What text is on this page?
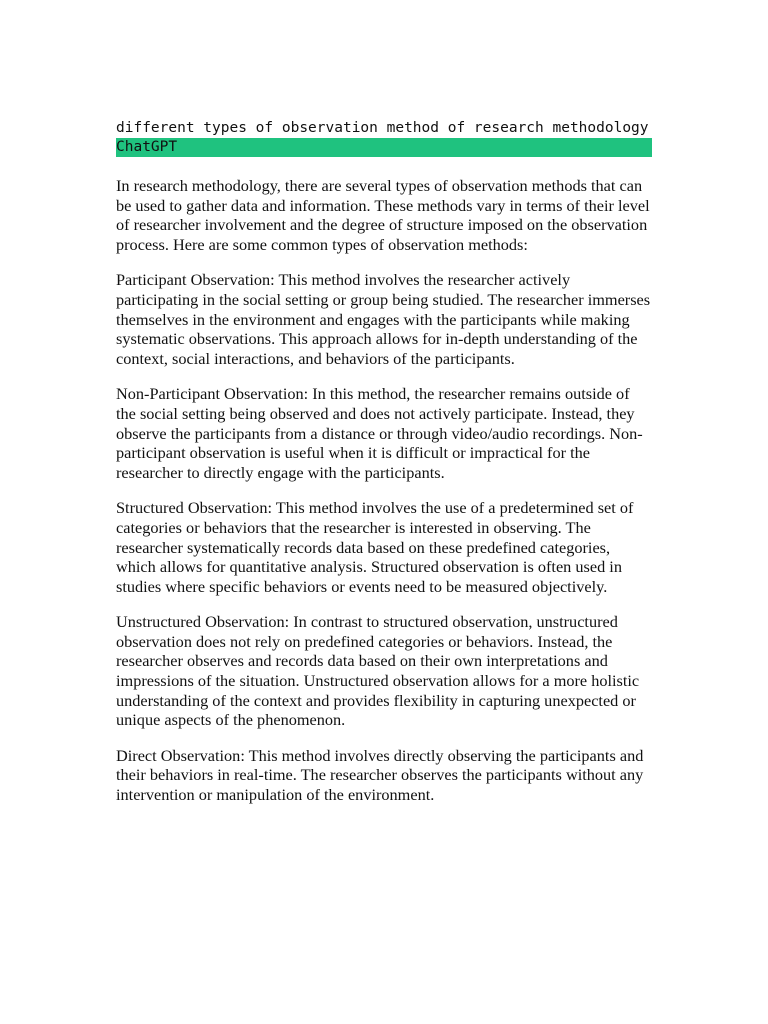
different types of observation method of research methodology

ChatGPT

In research methodology, there are several types of observation methods that can be used to gather data and information. These methods vary in terms of their level of researcher involvement and the degree of structure imposed on the observation process. Here are some common types of observation methods:

Participant Observation: This method involves the researcher actively participating in the social setting or group being studied. The researcher immerses themselves in the environment and engages with the participants while making systematic observations. This approach allows for in-depth understanding of the context, social interactions, and behaviors of the participants.

Non-Participant Observation: In this method, the researcher remains outside of the social setting being observed and does not actively participate. Instead, they observe the participants from a distance or through video/audio recordings. Non-participant observation is useful when it is difficult or impractical for the researcher to directly engage with the participants.

Structured Observation: This method involves the use of a predetermined set of categories or behaviors that the researcher is interested in observing. The researcher systematically records data based on these predefined categories, which allows for quantitative analysis. Structured observation is often used in studies where specific behaviors or events need to be measured objectively.

Unstructured Observation: In contrast to structured observation, unstructured observation does not rely on predefined categories or behaviors. Instead, the researcher observes and records data based on their own interpretations and impressions of the situation. Unstructured observation allows for a more holistic understanding of the context and provides flexibility in capturing unexpected or unique aspects of the phenomenon.

Direct Observation: This method involves directly observing the participants and their behaviors in real-time. The researcher observes the participants without any intervention or manipulation of the environment.
